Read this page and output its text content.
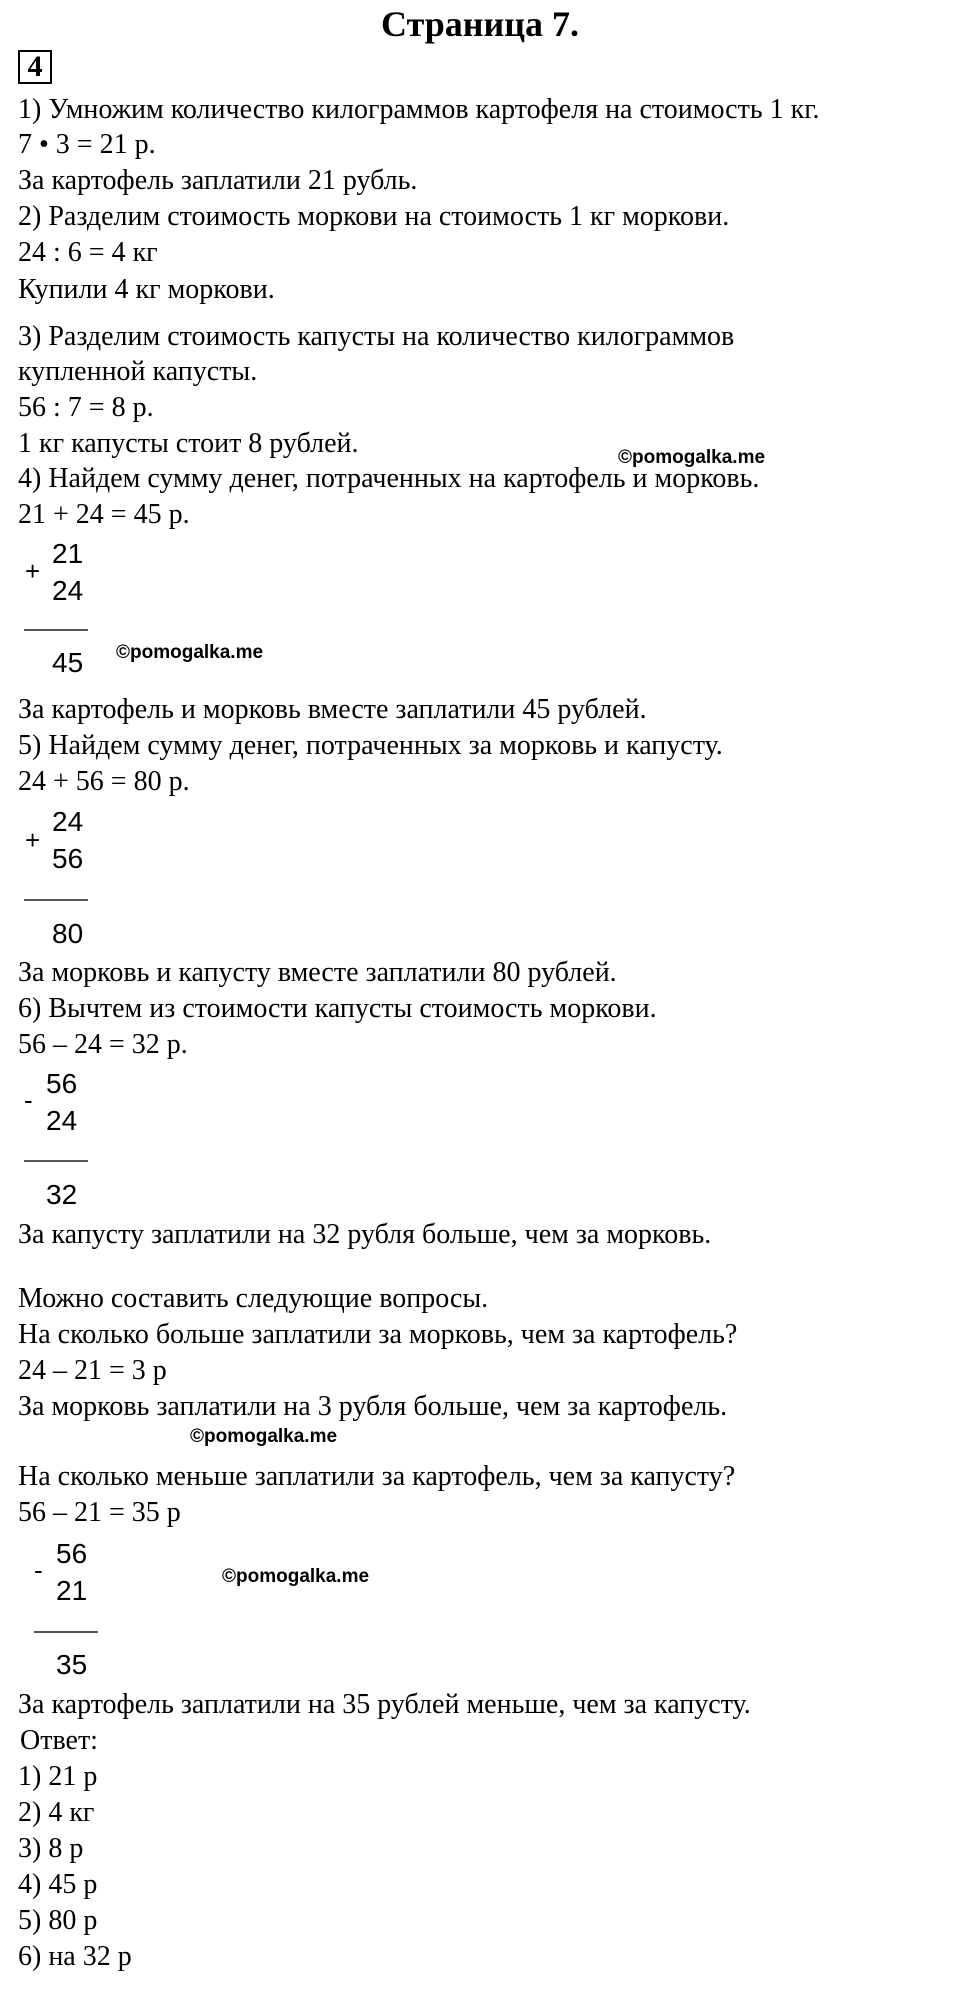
Страница 7.
4
1) Умножим количество килограммов картофеля на стоимость 1 кг.
7 • 3 = 21 р.
За картофель заплатили 21 рубль.
2) Разделим стоимость моркови на стоимость 1 кг моркови.
24 : 6 = 4 кг
Купили 4 кг моркови.
3) Разделим стоимость капусты на количество килограммов
купленной капусты.
56 : 7 = 8 р.
1 кг капусты стоит 8 рублей.	©pomogalka.me
4) Найдем сумму денег, потраченных на картофель и морковь.
21 + 24 = 45 р.
+
21
24
45 ©pomogalka.me
За картофель и морковь вместе заплатили 45 рублей.
5) Найдем сумму денег, потраченных за морковь и капусту.
24 + 56 = 80 р.
+
24
56
80
За морковь и капусту вместе заплатили 80 рублей.
6) Вычтем из стоимости капусты стоимость моркови.
56 – 24 = 32 р.
-
56
24
32
За капусту заплатили на 32 рубля больше, чем за морковь.
Можно составить следующие вопросы.
На сколько больше заплатили за морковь, чем за картофель?
24 – 21 = 3 р
За морковь заплатили на 3 рубля больше, чем за картофель.
©pomogalka.me
На сколько меньше заплатили за картофель, чем за капусту?
56 – 21 = 35 р
-
56
21	©pomogalka.me
35
За картофель заплатили на 35 рублей меньше, чем за капусту.
Ответ:
1) 21 р
2) 4 кг
3) 8 р
4) 45 р
5) 80 р
6) на 32 р
